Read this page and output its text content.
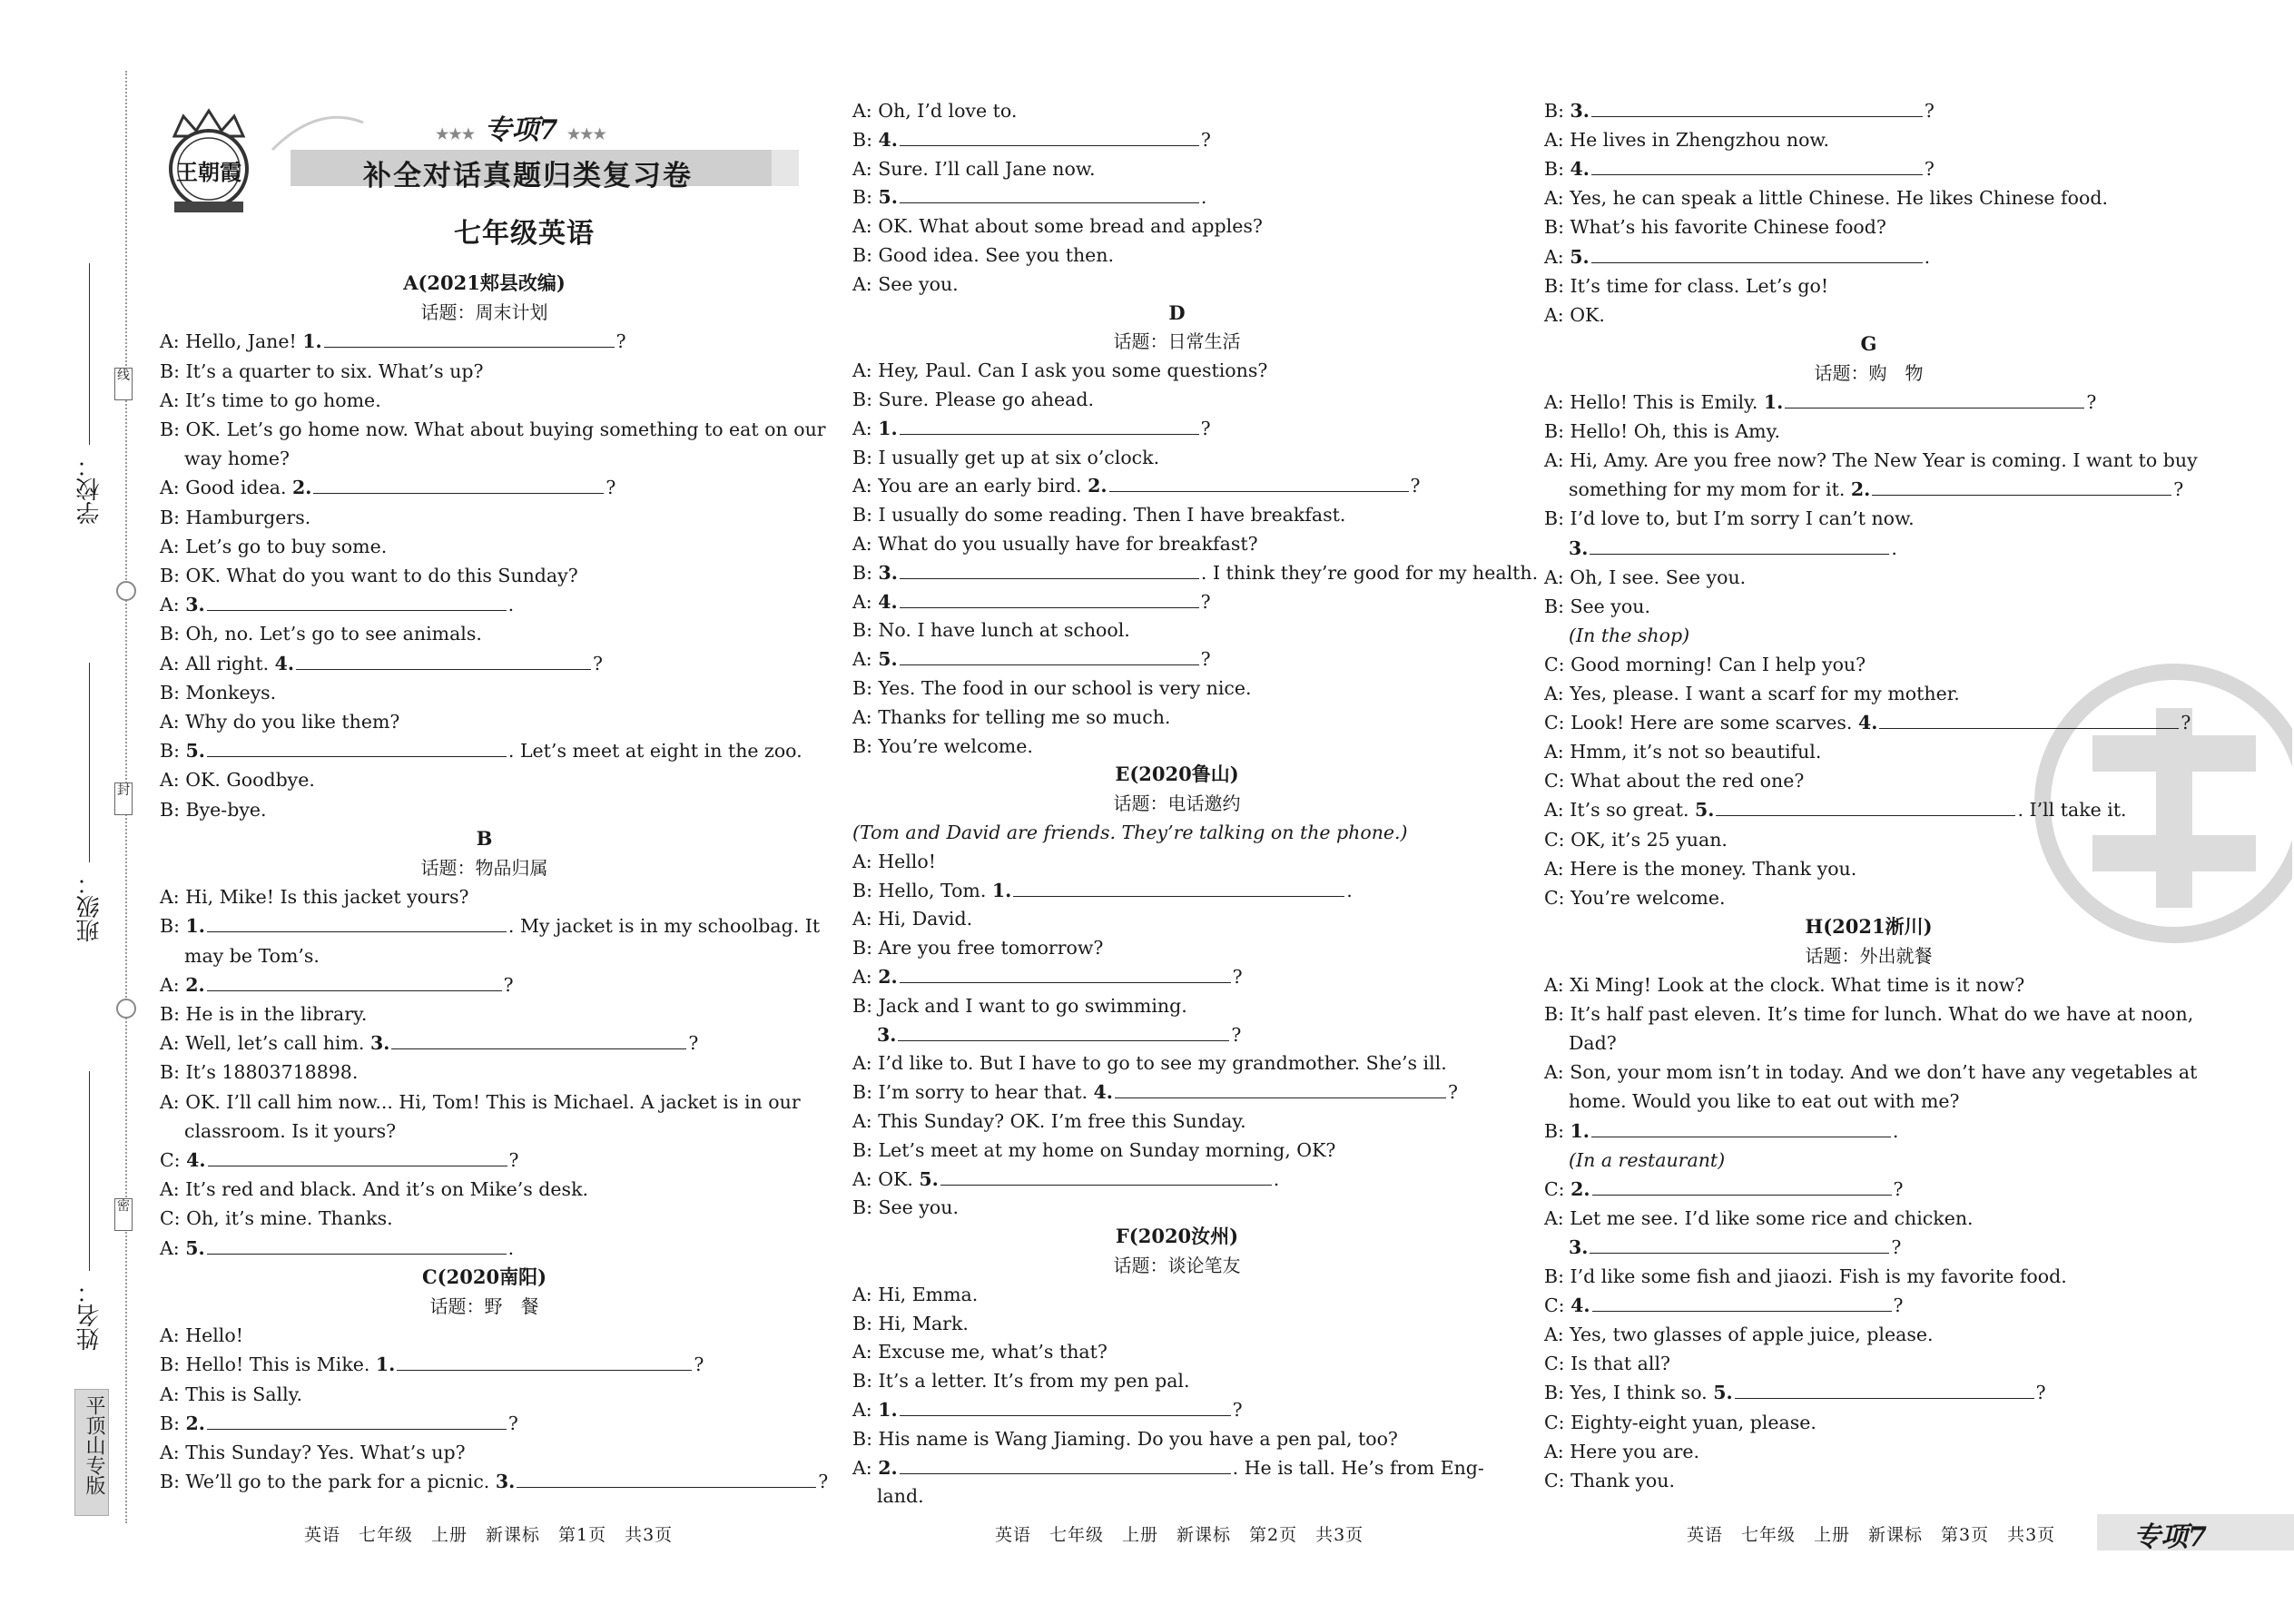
学校：
班级：
姓名：
线
封
密
平顶山专版
王朝霞
★★★ 专项7 ★★★
补全对话真题归类复习卷
七年级英语
A(2021郏县改编)
话题：周末计划
A: Hello, Jane! 1.	?
B: It’s a quarter to six. What’s up?
A: It’s time to go home.
B: OK. Let’s go home now. What about buying something to eat on our
way home?
A: Good idea. 2.	?
B: Hamburgers.
A: Let’s go to buy some.
B: OK. What do you want to do this Sunday?
A: 3.	.
B: Oh, no. Let’s go to see animals.
A: All right. 4.	?
B: Monkeys.
A: Why do you like them?
B: 5.	. Let’s meet at eight in the zoo.
A: OK. Goodbye.
B: Bye-bye.
B
话题：物品归属
A: Hi, Mike! Is this jacket yours?
B: 1.	. My jacket is in my schoolbag. It
may be Tom’s.
A: 2.	?
B: He is in the library.
A: Well, let’s call him. 3.	?
B: It’s 18803718898.
A: OK. I’ll call him now... Hi, Tom! This is Michael. A jacket is in our
classroom. Is it yours?
C: 4.	?
A: It’s red and black. And it’s on Mike’s desk.
C: Oh, it’s mine. Thanks.
A: 5.	.
C(2020南阳)
话题：野　餐
A: Hello!
B: Hello! This is Mike. 1.	?
A: This is Sally.
B: 2.	?
A: This Sunday? Yes. What’s up?
B: We’ll go to the park for a picnic. 3.	?
A: Oh, I’d love to.
B: 4.	?
A: Sure. I’ll call Jane now.
B: 5.	.
A: OK. What about some bread and apples?
B: Good idea. See you then.
A: See you.
D
话题：日常生活
A: Hey, Paul. Can I ask you some questions?
B: Sure. Please go ahead.
A: 1.	?
B: I usually get up at six o’clock.
A: You are an early bird. 2.	?
B: I usually do some reading. Then I have breakfast.
A: What do you usually have for breakfast?
B: 3.	. I think they’re good for my health.
A: 4.	?
B: No. I have lunch at school.
A: 5.	?
B: Yes. The food in our school is very nice.
A: Thanks for telling me so much.
B: You’re welcome.
E(2020鲁山)
话题：电话邀约
(Tom and David are friends. They’re talking on the phone.)
A: Hello!
B: Hello, Tom. 1.	.
A: Hi, David.
B: Are you free tomorrow?
A: 2.	?
B: Jack and I want to go swimming.
3.	?
A: I’d like to. But I have to go to see my grandmother. She’s ill.
B: I’m sorry to hear that. 4.	?
A: This Sunday? OK. I’m free this Sunday.
B: Let’s meet at my home on Sunday morning, OK?
A: OK. 5.	.
B: See you.
F(2020汝州)
话题：谈论笔友
A: Hi, Emma.
B: Hi, Mark.
A: Excuse me, what’s that?
B: It’s a letter. It’s from my pen pal.
A: 1.	?
B: His name is Wang Jiaming. Do you have a pen pal, too?
A: 2.	. He is tall. He’s from Eng-
land.
B: 3.	?
A: He lives in Zhengzhou now.
B: 4.	?
A: Yes, he can speak a little Chinese. He likes Chinese food.
B: What’s his favorite Chinese food?
A: 5.	.
B: It’s time for class. Let’s go!
A: OK.
G
话题：购　物
A: Hello! This is Emily. 1.	?
B: Hello! Oh, this is Amy.
A: Hi, Amy. Are you free now? The New Year is coming. I want to buy
something for my mom for it. 2.	?
B: I’d love to, but I’m sorry I can’t now.
3.	.
A: Oh, I see. See you.
B: See you.
(In the shop)
C: Good morning! Can I help you?
A: Yes, please. I want a scarf for my mother.
C: Look! Here are some scarves. 4.	?
A: Hmm, it’s not so beautiful.
C: What about the red one?
A: It’s so great. 5.	. I’ll take it.
C: OK, it’s 25 yuan.
A: Here is the money. Thank you.
C: You’re welcome.
H(2021淅川)
话题：外出就餐
A: Xi Ming! Look at the clock. What time is it now?
B: It’s half past eleven. It’s time for lunch. What do we have at noon,
Dad?
A: Son, your mom isn’t in today. And we don’t have any vegetables at
home. Would you like to eat out with me?
B: 1.	.
(In a restaurant)
C: 2.	?
A: Let me see. I’d like some rice and chicken.
3.	?
B: I’d like some fish and jiaozi. Fish is my favorite food.
C: 4.	?
A: Yes, two glasses of apple juice, please.
C: Is that all?
B: Yes, I think so. 5.	?
C: Eighty-eight yuan, please.
A: Here you are.
C: Thank you.
英语　七年级　上册　新课标　第1页　共3页	英语　七年级　上册　新课标　第2页　共3页	英语　七年级　上册　新课标　第3页　共3页	专项7
